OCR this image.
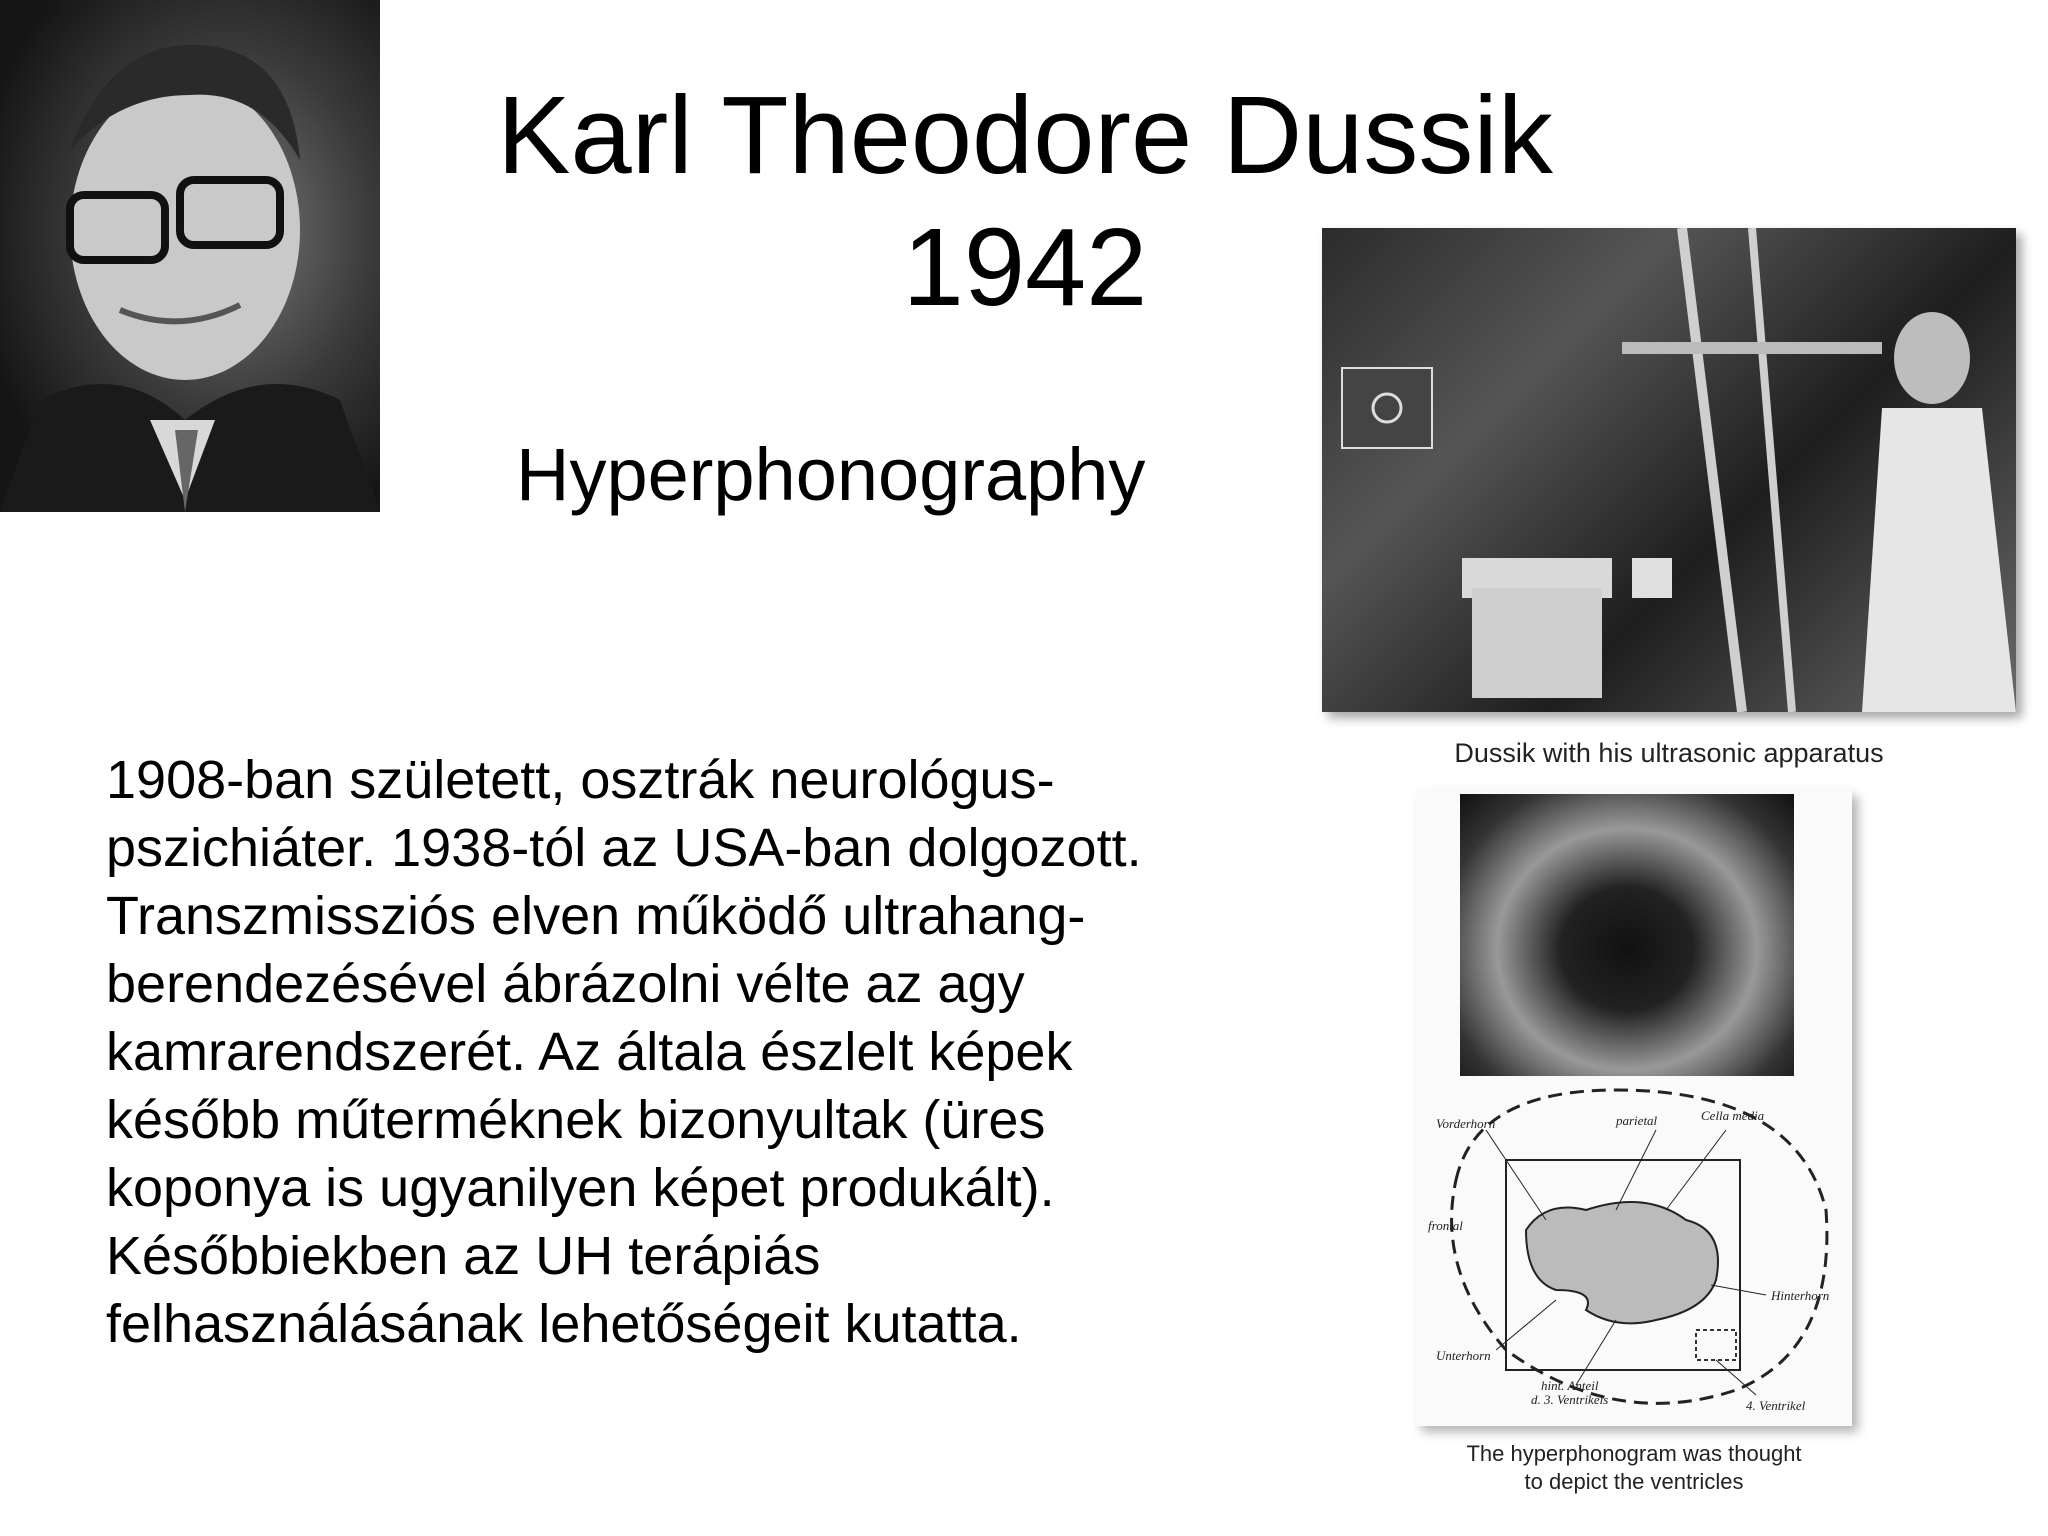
Karl Theodore Dussik
1942
Hyperphonography
1908-ban született, osztrák neurológus-
pszichiáter. 1938-tól az USA-ban dolgozott.
Transzmissziós elven működő ultrahang-
berendezésével ábrázolni vélte az agy
kamrarendszerét. Az általa észlelt képek
később műterméknek bizonyultak (üres
koponya is ugyanilyen képet produkált).
Későbbiekben az UH terápiás
felhasználásának lehetőségeit kutatta.
Dussik with his ultrasonic apparatus
Vorderhorn	parietal	Cella media
frontal
Hinterhorn
Unterhorn
hint. Anteil
d. 3. Ventrikels	4. Ventrikel
The hyperphonogram was thought
to depict the ventricles
